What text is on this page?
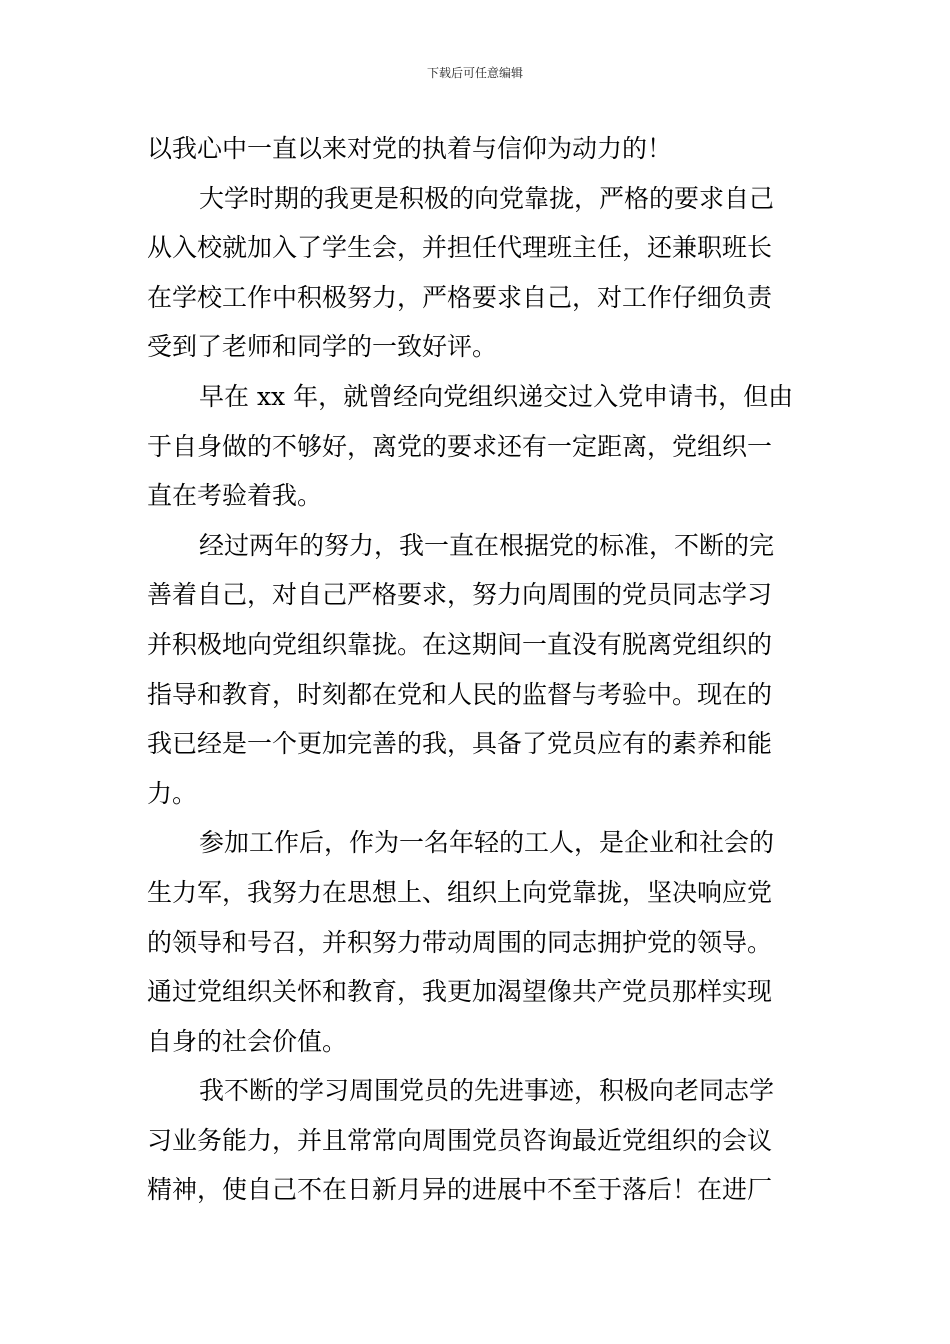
下载后可任意编辑
以我心中一直以来对党的执着与信仰为动力的！
大学时期的我更是积极的向党靠拢，严格的要求自己
从入校就加入了学生会，并担任代理班主任，还兼职班长
在学校工作中积极努力，严格要求自己，对工作仔细负责
受到了老师和同学的一致好评。
早在 xx 年，就曾经向党组织递交过入党申请书，但由
于自身做的不够好，离党的要求还有一定距离，党组织一
直在考验着我。
经过两年的努力，我一直在根据党的标准，不断的完
善着自己，对自己严格要求，努力向周围的党员同志学习
并积极地向党组织靠拢。在这期间一直没有脱离党组织的
指导和教育，时刻都在党和人民的监督与考验中。现在的
我已经是一个更加完善的我，具备了党员应有的素养和能
力。
参加工作后，作为一名年轻的工人，是企业和社会的
生力军，我努力在思想上、组织上向党靠拢，坚决响应党
的领导和号召，并积努力带动周围的同志拥护党的领导。
通过党组织关怀和教育，我更加渴望像共产党员那样实现
自身的社会价值。
我不断的学习周围党员的先进事迹，积极向老同志学
习业务能力，并且常常向周围党员咨询最近党组织的会议
精神，使自己不在日新月异的进展中不至于落后！在进厂
